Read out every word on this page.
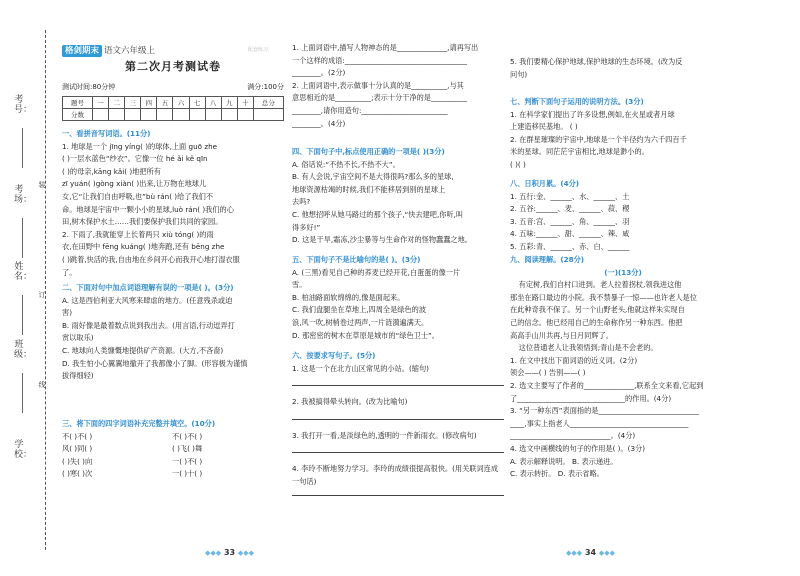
考号：
考场：
姓名：
班级：
学校：
装
订
线
格剑期末 语文六年级上	配套练习
第二次月考测试卷
测试时间:80分钟	满分:100分
题号	一	二	三	四	五	六	七	八	九	十	总分
分数											
一、看拼音写词语。(11分)
1. 地球是一个 jīng yíng( )的球体,上面 guō zhe
( )一层水蓝色“纱衣”。它像一位 hé ǎi kě qīn
( )的母亲,kāng kǎi( )地把所有
zī yuán( )gòng xiàn( )出来,让万物在地球儿
女,它“让我们自由呼吸,也”bù rán( )给了我们不
命。地球是宇宙中一颗小小的星球,luò rán( )我们的心
田,树木保护水土……我们要保护我们共同的家园。
2. 下雨了,我就能穿上长着两只 xiù tóng( )的雨
衣,在田野中 fēng kuáng( )地奔跑,还有 bēng zhe
( )跳着,快活的我,自由地在乡间开心而我开心地打湿衣服
了。
二、下面对句中加点词语理解有误的一项是( )。(3分)
A. 这是西伯利亚大风寒来肆虐的地方。(任意残杀或迫
害)
B. 雨好像是最着数点说到我出去。(用言语,行动逗弄打
赏以取乐)
C. 地球向人类慷慨地提供矿产资源。(大方,不吝啬)
D. 我生怕小心翼翼地撤开了我都像小了脚。(形容极为谨慎
拔得细轻)
三、将下面的四字词语补充完整并填空。(10分)
不( )不( )	不( )不( )
风( )同( )	( )飞( )舞
( )失( )向	一( )不( )
( )寒( )次	一( )十( )
◆◆◆ 33 ◆◆◆
1. 上面词语中,描写人物神态的是______________,请再写出
一个这样的成语:__________________________________
________。(2分)
2. 上面词语中,表示做事十分认真的是__________,与其
意思相近的是__________;表示十分干净的是__________
________,请你用造句:________________________
________。(4分)
四、下面句子中,标点使用正确的一项是( )(3分)
A. 俗话说:“不热不长,不热不大”。
B. 有人会说,宇宙空间不是大得很吗?那么多的星球,
地球资源枯竭的时候,我们不能移居到别的星球上
去吗?
C. 他想招呼从她马路过的那个孩子,“快去建吧,你听,叫
得多好!”
D. 这是干旱,霜冻,沙尘暴等与生命作对的怪物蠢蠢之地。
五、下面句子不是比喻句的是( )。(3分)
A. (三黑)看见自己种的荞麦已经开花,白蛋蛋的像一片
雪。
B. 柏油路面软绵绵的,像是面起来。
C. 我们盘腿坐在草地上,四周全是绿色的波
浪,风一吹,树梢卷过两声,一片涟漪遍满天。
D. 那密密的树木在草原是城市的“绿色卫士”。
六、按要求写句子。(5分)
1. 这是一个在北方山区常见的小站。(缩句)
2. 我被搞得晕头转向。(改为比喻句)
3. 我打开一看,是淡绿色的,透明的一件新雨衣。(修改病句)
4. 李玲不断地努力学习。李玲的成绩很提高很快。(用关联词连成一句话)
5. 我们要精心保护地球,保护地球的生态环境。(改为反
问句)
七、判断下面句子运用的说明方法。(3分)
1. 在科学家们提出了许多设想,例如,在火星或者月球
上建造移民基地。 ( )
2. 在群星璀璨的宇宙中,地球是一个半径约为六千四百千
米的星球。同茫茫宇宙相比,地球是渺小的。
( )( )
八、日积月累。(4分)
1. 五行:金、______、水、______、土
2. 五谷:______、麦、______、菽、稷
3. 五音:宫、______、角、______、羽
4. 五味:______、甜、______、辣、咸
5. 五彩:青、______、赤、白、______
九、阅读理解。(28分)
(一)(13分)
有定树,我们自村口进到。老人拉着拐杖,领我进这他
那坐在路口最边的小院。我不禁暴子一惊——也许老人是位
在此种奇我不保了。另一个山野老头,他就这样朱实现自
己的信念。他已经用自己的生命称作另一种东西。他把
高高手山川共再,与日月同辉了。
这位普通老人让我领悟到;青山是不会老的。
1. 在文中找出下面词语的近义词。(2分)
领会——( ) 告别——( )
2. 选文主要写了作者的______________,联系全文来看,它起到
了______________________________的作用。(4分)
3. “另一种东西”表面指的是____________________________
____,事实上指老人_________________________________
____________________________。(4分)
4. 选文中画横线的句子的作用是( )。(3分)
A. 表示解释说明。 B. 表示递进。
C. 表示转折。 D. 表示省略。
◆◆◆ 34 ◆◆◆
